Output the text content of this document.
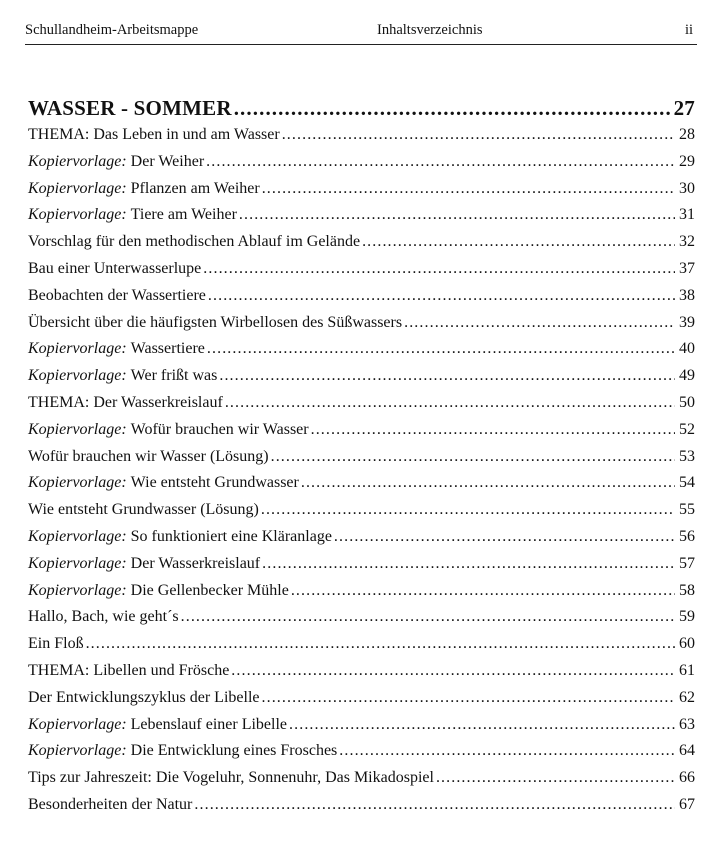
Schullandheim-Arbeitsmappe	Inhaltsverzeichnis	ii
WASSER - SOMMER .....	27
THEMA: Das Leben in und am Wasser .....	28
Kopiervorlage: Der Weiher .....	29
Kopiervorlage: Pflanzen am Weiher .....	30
Kopiervorlage: Tiere am Weiher .....	31
Vorschlag für den methodischen Ablauf im Gelände .....	32
Bau einer Unterwasserlupe .....	37
Beobachten der Wassertiere .....	38
Übersicht über die häufigsten Wirbellosen des Süßwassers .....	39
Kopiervorlage: Wassertiere .....	40
Kopiervorlage: Wer frißt was .....	49
THEMA: Der Wasserkreislauf .....	50
Kopiervorlage: Wofür brauchen wir Wasser .....	52
Wofür brauchen wir Wasser (Lösung) .....	53
Kopiervorlage: Wie entsteht Grundwasser .....	54
Wie entsteht Grundwasser (Lösung) .....	55
Kopiervorlage: So funktioniert eine Kläranlage .....	56
Kopiervorlage: Der Wasserkreislauf .....	57
Kopiervorlage: Die Gellenbecker Mühle .....	58
Hallo, Bach, wie geht´s .....	59
Ein Floß .....	60
THEMA: Libellen und Frösche .....	61
Der Entwicklungszyklus der Libelle .....	62
Kopiervorlage: Lebenslauf einer Libelle .....	63
Kopiervorlage: Die Entwicklung eines Frosches .....	64
Tips zur Jahreszeit: Die Vogeluhr, Sonnenuhr, Das Mikadospiel .....	66
Besonderheiten der Natur .....	67
